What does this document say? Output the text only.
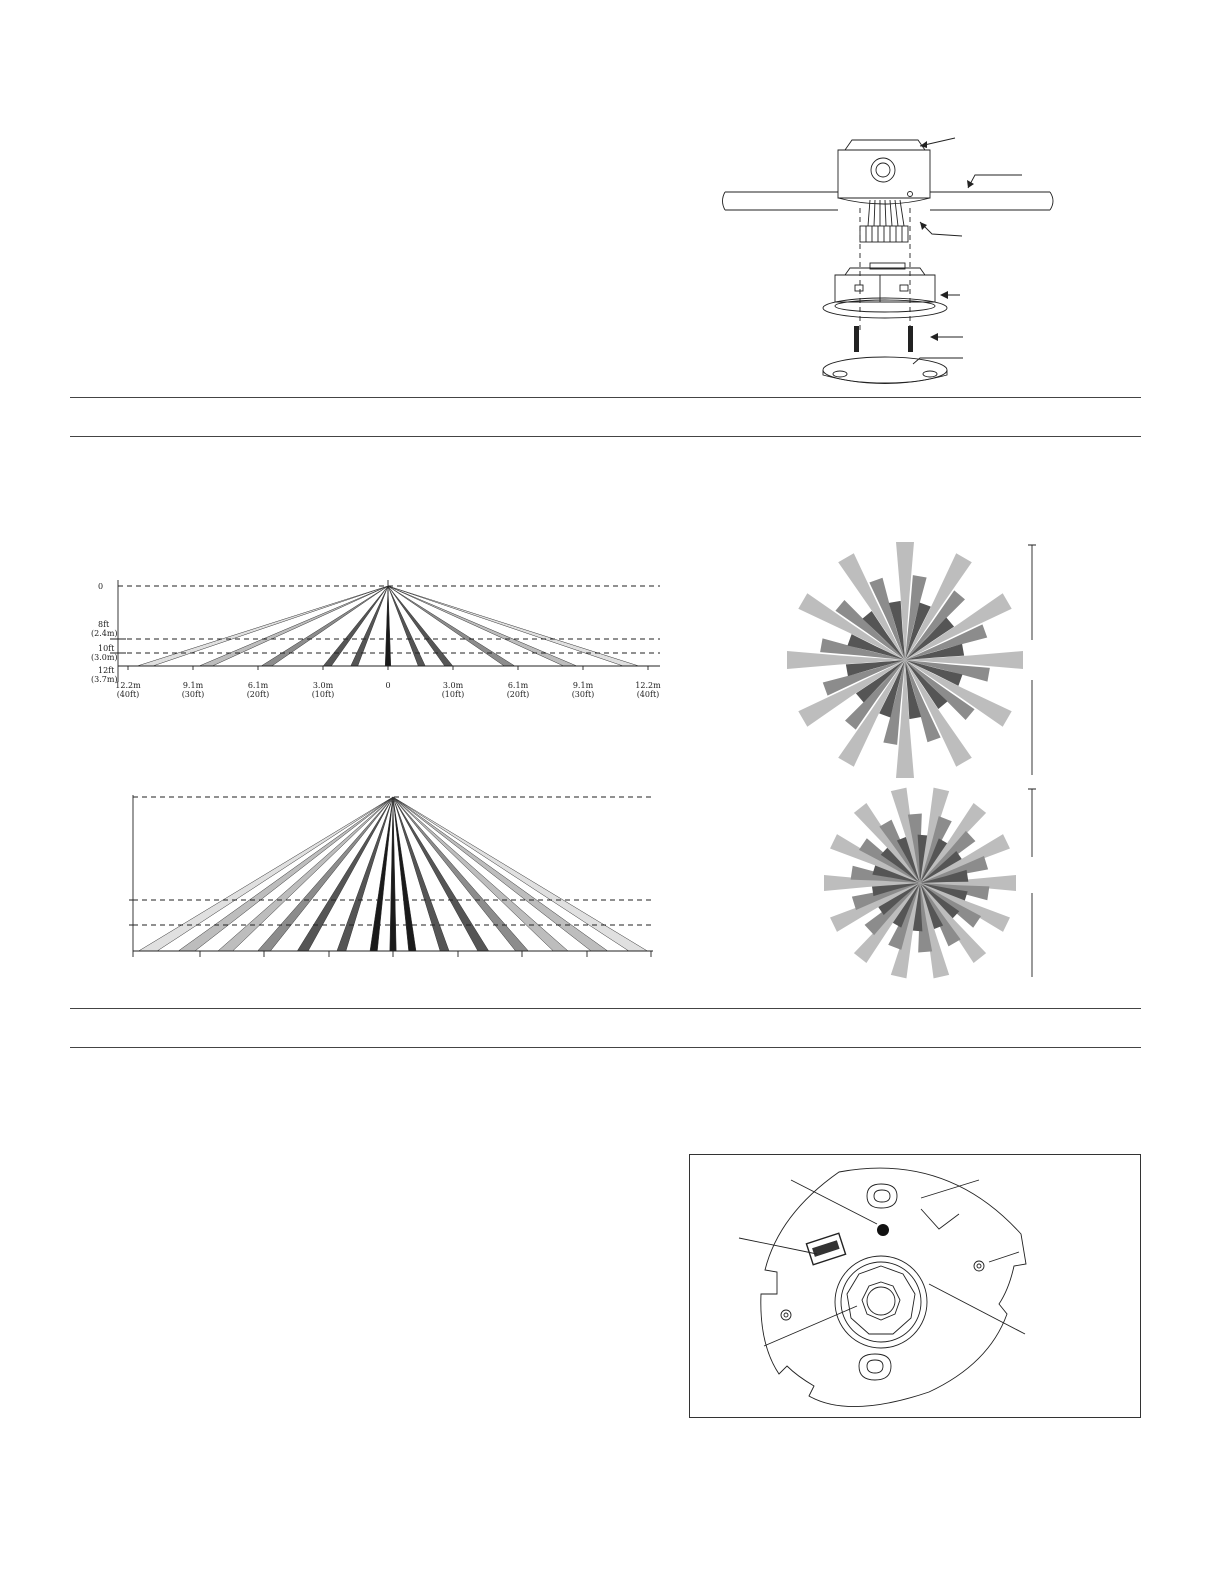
0
8ft
(2.4m)
10ft
(3.0m)
12ft
(3.7m)
12.2m
(40ft)
9.1m
(30ft)
6.1m
(20ft)
3.0m
(10ft)
0	3.0m
(10ft)
6.1m
(20ft)
9.1m
(30ft)
12.2m
(40ft)
